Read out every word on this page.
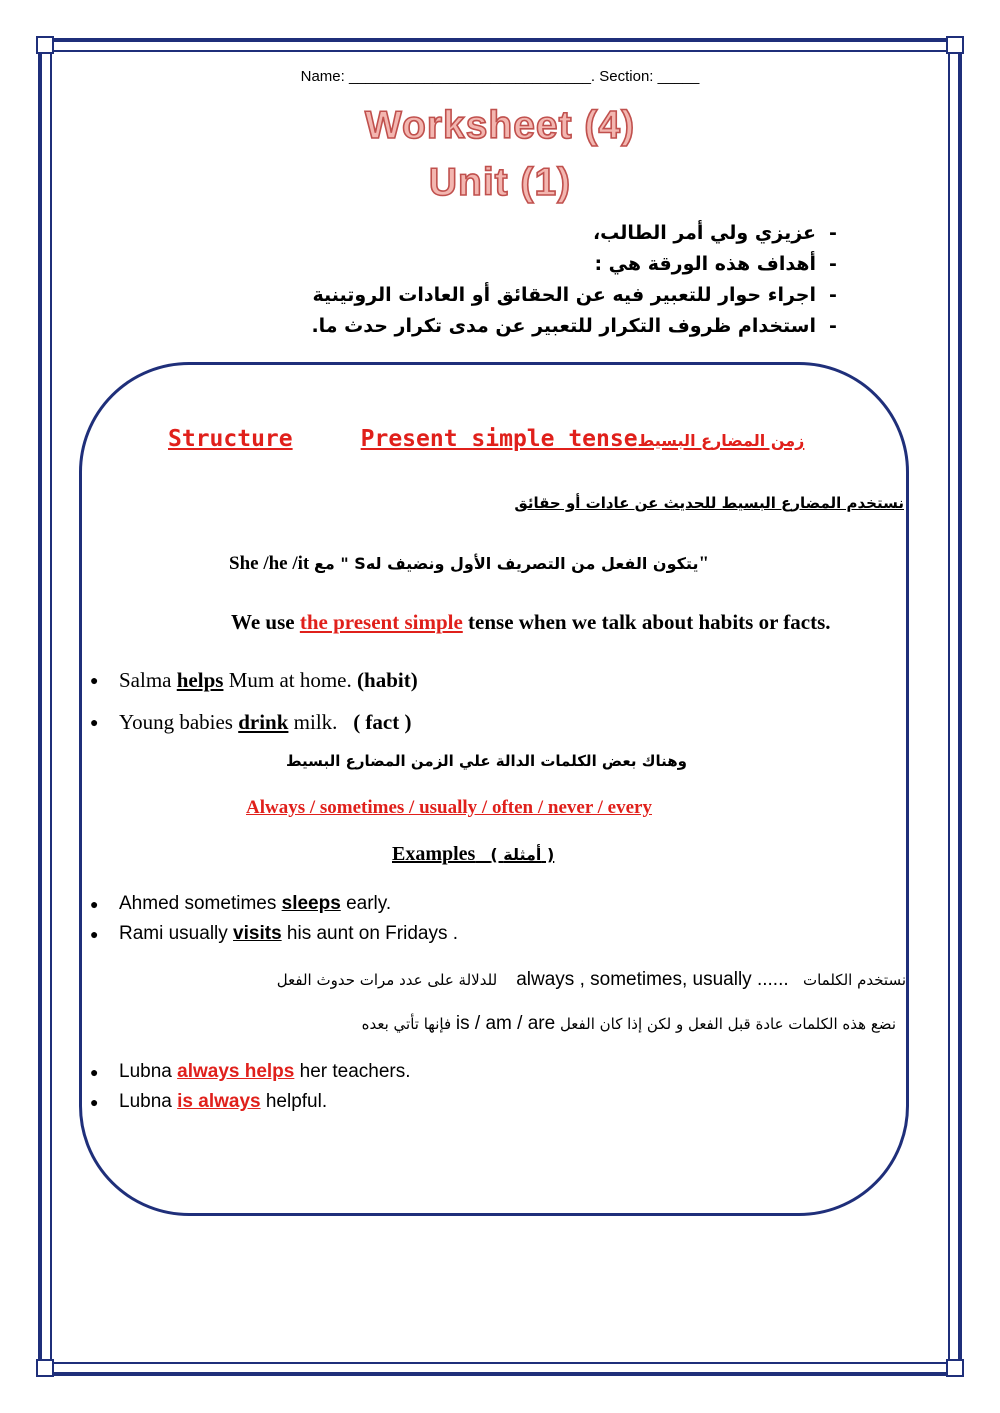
Name: _____________________________. Section: _____
Worksheet (4)
Unit (1)
-عزيزي ولي أمر الطالب،
-أهداف هذه الورقة هي :
-اجراء حوار للتعبير فيه عن الحقائق أو العادات الروتينية
-استخدام ظروف التكرار للتعبير عن مدى تكرار حدث ما.
Structure	Present simple tenseزمن المضارع البسيط
نستخدم المضارع البسيط للحديث عن عادات أو حقائق
She /he /it يتكون الفعل من التصريف الأول ونضيف لهS " مع"
We use the present simple tense when we talk about habits or facts.
● Salma helps Mum at home. (habit)
● Young babies drink milk. ( fact )
وهناك بعض الكلمات الدالة علي الزمن المضارع البسيط
Always / sometimes / usually / often / never / every
Examples ( أمثلة )
●	Ahmed sometimes sleeps early.
●	Rami usually visits his aunt on Fridays .
نستخدم الكلمات   always , sometimes, usually ......    للدلالة على عدد مرات حدوث الفعل
نضع هذه الكلمات عادة قبل الفعل و لكن إذا كان الفعل is / am / are فإنها تأتي بعده
●	Lubna always helps her teachers.
●	Lubna is always helpful.
